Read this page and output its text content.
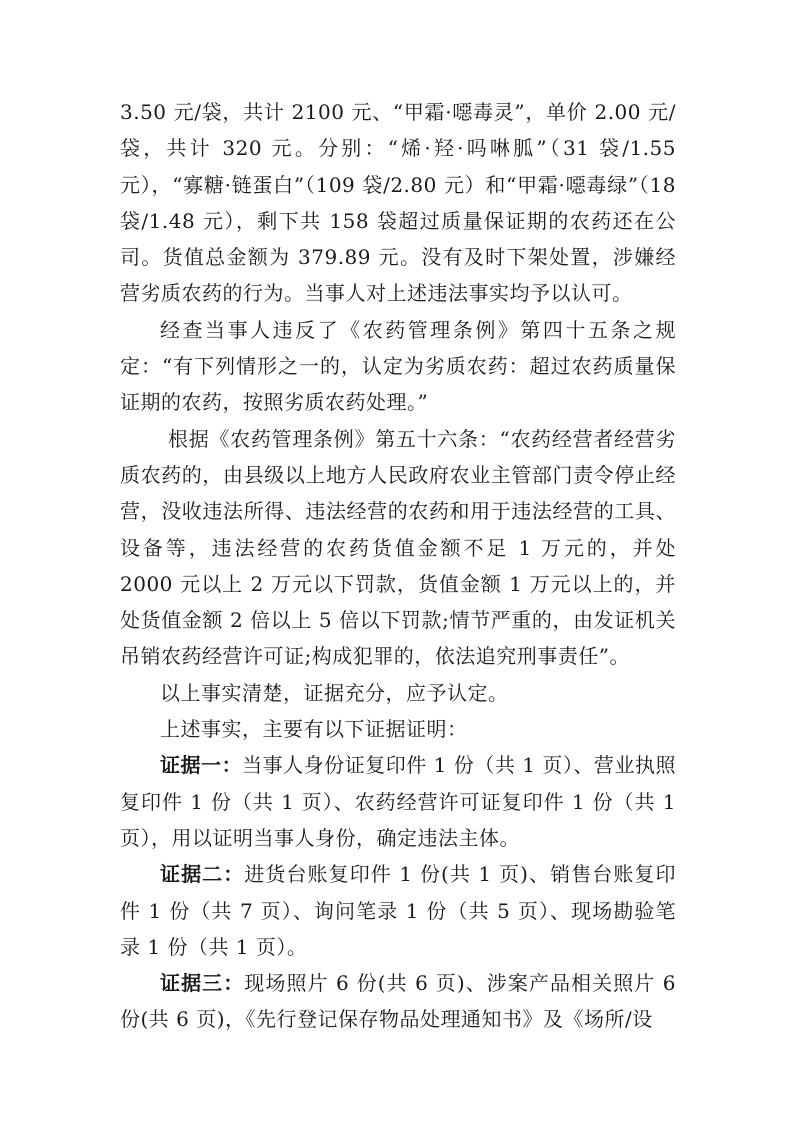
3.50 元/袋，共计 2100 元、“甲霜·噁毒灵”，单价 2.00 元/袋，共计 320 元。分别：“烯·羟·吗啉胍”（31 袋/1.55 元），“寡糖·链蛋白”（109 袋/2.80 元）和“甲霜·噁毒绿”（18 袋/1.48 元），剩下共 158 袋超过质量保证期的农药还在公司。货值总金额为 379.89 元。没有及时下架处置，涉嫌经营劣质农药的行为。当事人对上述违法事实均予以认可。

经查当事人违反了《农药管理条例》第四十五条之规定：“有下列情形之一的，认定为劣质农药：超过农药质量保证期的农药，按照劣质农药处理。”

根据《农药管理条例》第五十六条：“农药经营者经营劣质农药的，由县级以上地方人民政府农业主管部门责令停止经营，没收违法所得、违法经营的农药和用于违法经营的工具、设备等，违法经营的农药货值金额不足 1 万元的，并处 2000 元以上 2 万元以下罚款，货值金额 1 万元以上的，并处货值金额 2 倍以上 5 倍以下罚款;情节严重的，由发证机关吊销农药经营许可证;构成犯罪的，依法追究刑事责任”。

以上事实清楚，证据充分，应予认定。

上述事实，主要有以下证据证明：

证据一：当事人身份证复印件 1 份（共 1 页）、营业执照复印件 1 份（共 1 页）、农药经营许可证复印件 1 份（共 1 页），用以证明当事人身份，确定违法主体。

证据二：进货台账复印件 1 份(共 1 页)、销售台账复印件 1 份（共 7 页）、询问笔录 1 份（共 5 页）、现场勘验笔录 1 份（共 1 页）。

证据三：现场照片 6 份(共 6 页)、涉案产品相关照片 6 份(共 6 页)，《先行登记保存物品处理通知书》及《场所/设
